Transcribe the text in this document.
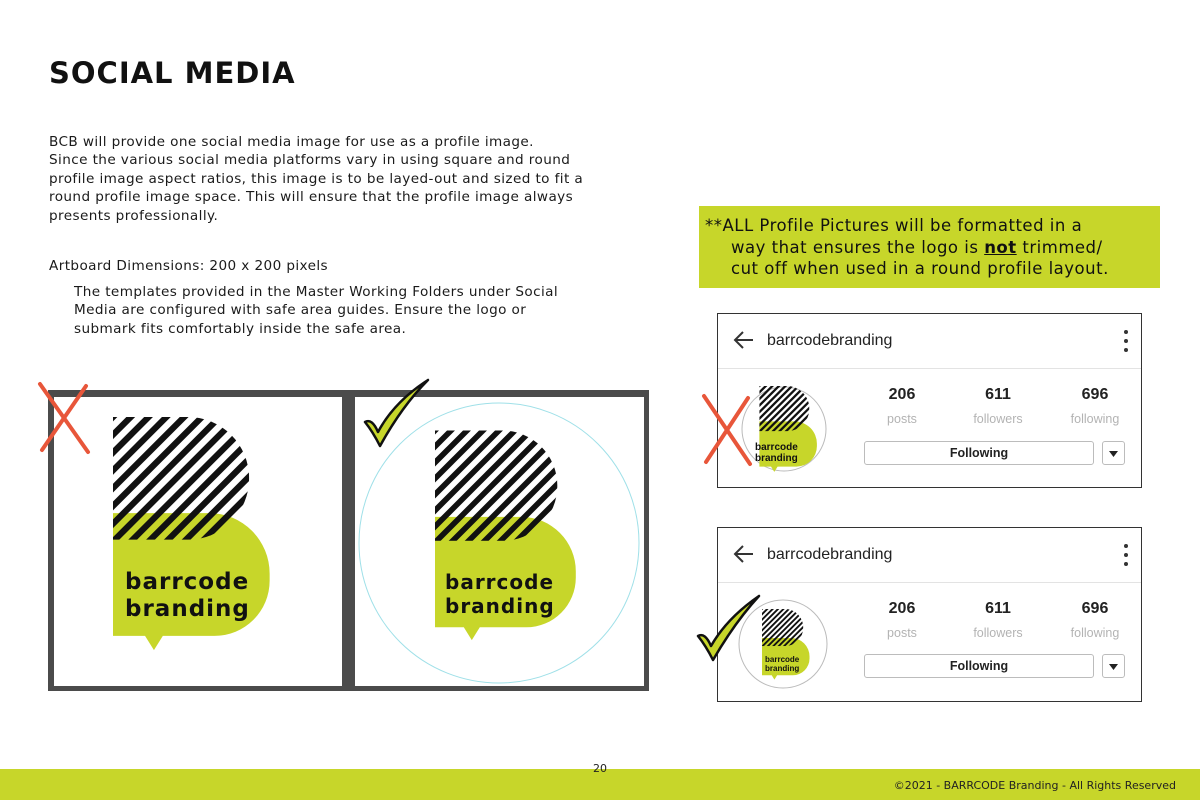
SOCIAL MEDIA
BCB will provide one social media image for use as a profile image.
Since the various social media platforms vary in using square and round
profile image aspect ratios, this image is to be layed-out and sized to fit a
round profile image space. This will ensure that the profile image always
presents professionally.
Artboard Dimensions: 200 x 200 pixels
The templates provided in the Master Working Folders under Social
Media are configured with safe area guides. Ensure the logo or
submark fits comfortably inside the safe area.
**ALL Profile Pictures will be formatted in a
way that ensures the logo is not trimmed/
cut off when used in a round profile layout.
barrcode
branding
barrcode
branding
barrcodebranding
barrcode
branding
206
posts
611
followers
696
following
Following
barrcodebranding
barrcode
branding
206
posts
611
followers
696
following
Following
20
©2021 - BARRCODE Branding - All Rights Reserved
